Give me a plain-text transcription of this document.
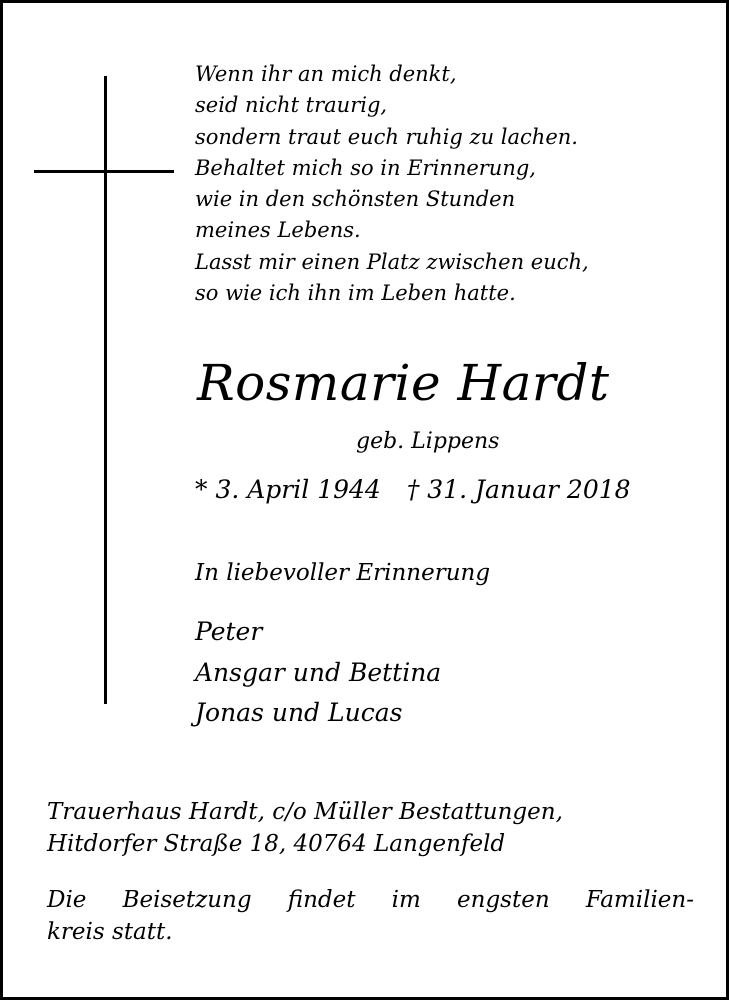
Wenn ihr an mich denkt,
seid nicht traurig,
sondern traut euch ruhig zu lachen.
Behaltet mich so in Erinnerung,
wie in den schönsten Stunden
meines Lebens.
Lasst mir einen Platz zwischen euch,
so wie ich ihn im Leben hatte.
Rosmarie Hardt
geb. Lippens
* 3. April 1944 † 31. Januar 2018
In liebevoller Erinnerung
Peter
Ansgar und Bettina
Jonas und Lucas
Trauerhaus Hardt, c/o Müller Bestattungen,
Hitdorfer Straße 18, 40764 Langenfeld
Die Beisetzung findet im engsten Familien-
kreis statt.
